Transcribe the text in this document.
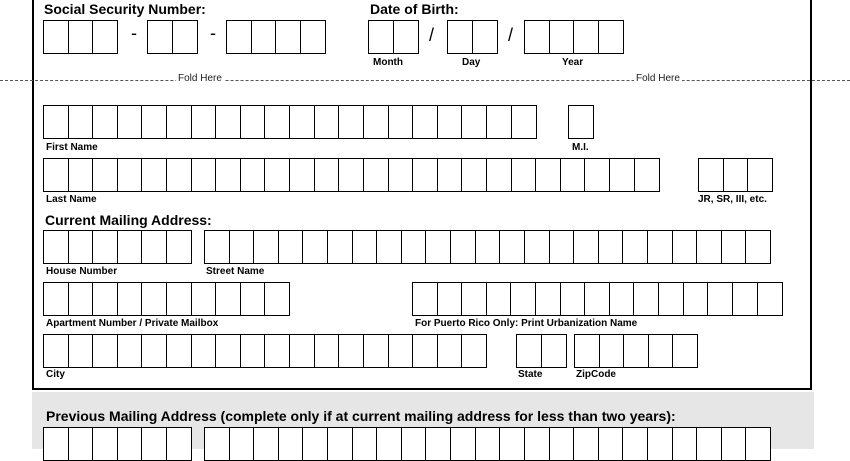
Social Security Number:
-	-
Date of Birth:
/	/
Month	Day	Year
Fold Here	Fold Here
First Name	M.I.
Last Name	JR, SR, III, etc.
Current Mailing Address:
House Number	Street Name
Apartment Number / Private Mailbox	For Puerto Rico Only: Print Urbanization Name
City	State	ZipCode
Previous Mailing Address (complete only if at current mailing address for less than two years):
